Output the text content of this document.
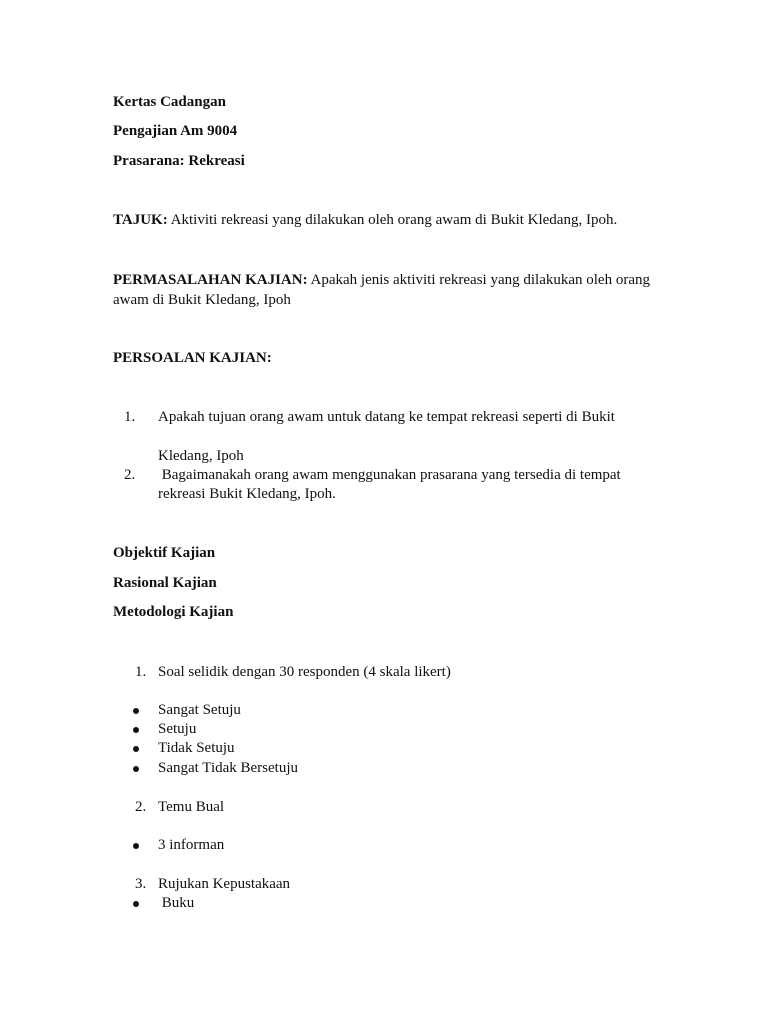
Kertas Cadangan
Pengajian Am 9004
Prasarana: Rekreasi
TAJUK: Aktiviti rekreasi yang dilakukan oleh orang awam di Bukit Kledang, Ipoh.
PERMASALAHAN KAJIAN: Apakah jenis aktiviti rekreasi yang dilakukan oleh orang awam di Bukit Kledang, Ipoh
PERSOALAN KAJIAN:
1. Apakah tujuan orang awam untuk datang ke tempat rekreasi seperti di Bukit
Kledang, Ipoh
2. Bagaimanakah orang awam menggunakan prasarana yang tersedia di tempat
rekreasi Bukit Kledang, Ipoh.
Objektif Kajian
Rasional Kajian
Metodologi Kajian
1. Soal selidik dengan 30 responden (4 skala likert)
Sangat Setuju
Setuju
Tidak Setuju
Sangat Tidak Bersetuju
2. Temu Bual
3 informan
3. Rujukan Kepustakaan
Buku
